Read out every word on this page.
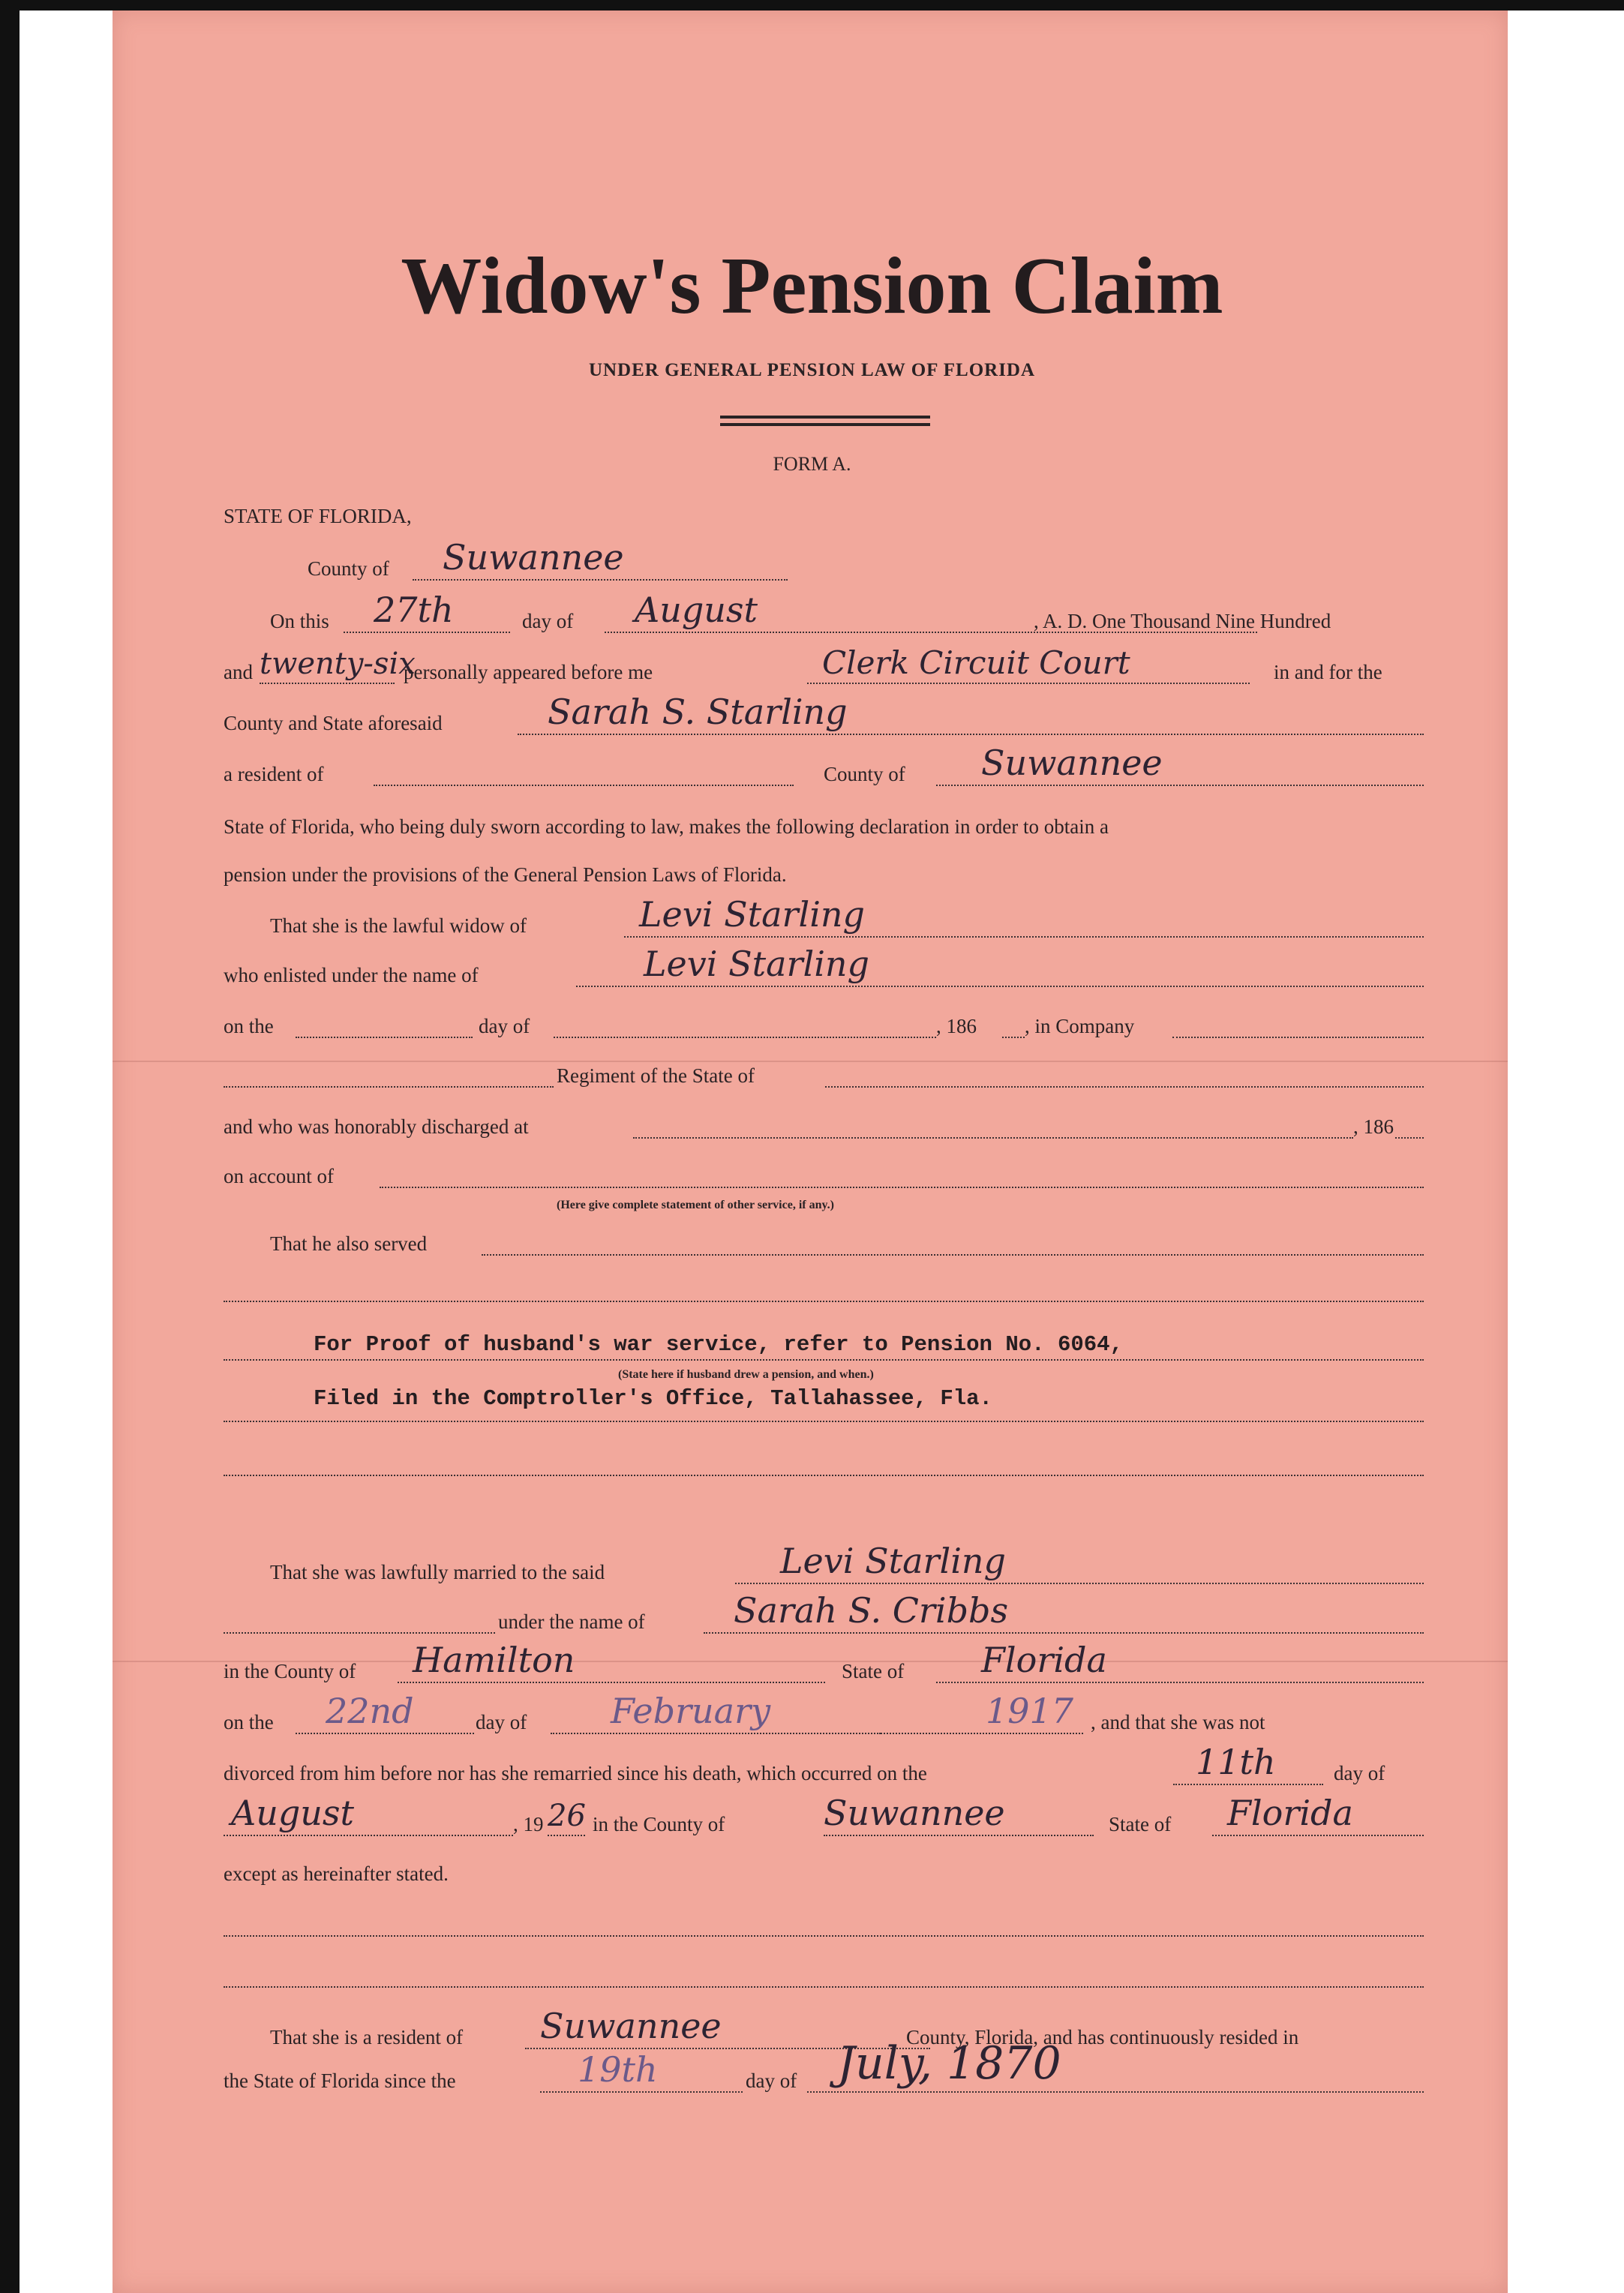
Widow's Pension Claim
UNDER GENERAL PENSION LAW OF FLORIDA
FORM A.
STATE OF FLORIDA,
County of Suwannee
On this 27th	day of August	, A. D. One Thousand Nine Hundred
and twenty-six
personally appeared before me	Clerk Circuit Court	in and for the
County and State aforesaid	Sarah S. Starling
a resident of	County of Suwannee
State of Florida, who being duly sworn according to law, makes the following declaration in order to obtain a
pension under the provisions of the General Pension Laws of Florida.
That she is the lawful widow of	Levi Starling
who enlisted under the name of	Levi Starling
on the	day of	, 186 , in Company
Regiment of the State of
and who was honorably discharged at	, 186
on account of
(Here give complete statement of other service, if any.)
That he also served
For Proof of husband's war service, refer to Pension No. 6064,
(State here if husband drew a pension, and when.)
Filed in the Comptroller's Office, Tallahassee, Fla.
That she was lawfully married to the said	Levi Starling
under the name of	Sarah S. Cribbs
in the County of Hamilton	State of Florida
on the 22nd	day of February	1917 , and that she was not
divorced from him before nor has she remarried since his death, which occurred on the	11th	day of
August	, 19 26 in the County of	Suwannee	State of Florida
except as hereinafter stated.
That she is a resident of Suwannee	County, Florida, and has continuously resided in
the State of Florida since the	19th	day of July, 1870
